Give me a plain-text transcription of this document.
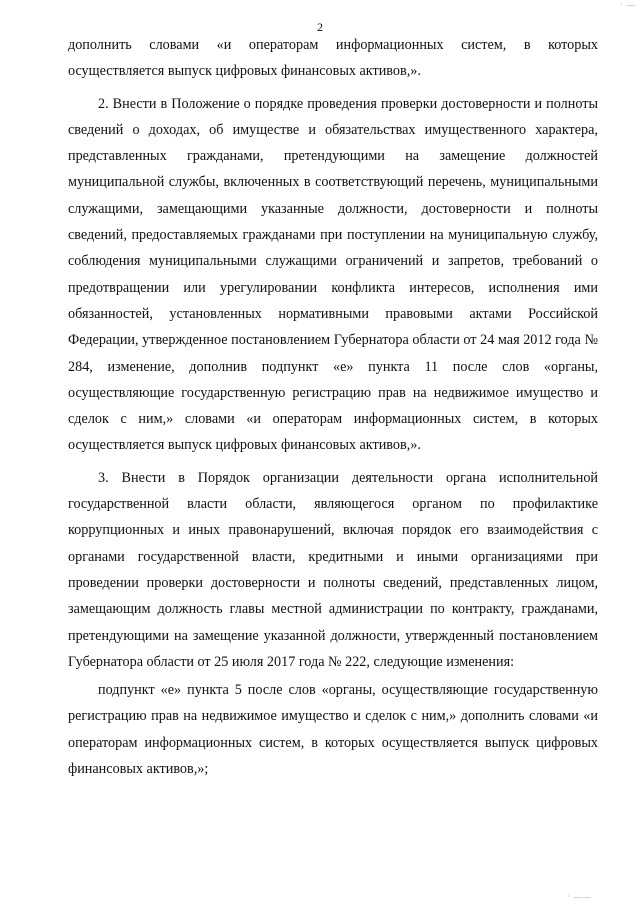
· —
2

дополнить словами «и операторам информационных систем, в которых осуществляется выпуск цифровых финансовых активов,».

2. Внести в Положение о порядке проведения проверки достоверности и полноты сведений о доходах, об имуществе и обязательствах имущественного характера, представленных гражданами, претендующими на замещение должностей муниципальной службы, включенных в соответствующий перечень, муниципальными служащими, замещающими указанные должности, достоверности и полноты сведений, предоставляемых гражданами при поступлении на муниципальную службу, соблюдения муниципальными служащими ограничений и запретов, требований о предотвращении или урегулировании конфликта интересов, исполнения ими обязанностей, установленных нормативными правовыми актами Российской Федерации, утвержденное постановлением Губернатора области от 24 мая 2012 года № 284, изменение, дополнив подпункт «е» пункта 11 после слов «органы, осуществляющие государственную регистрацию прав на недвижимое имущество и сделок с ним,» словами «и операторам информационных систем, в которых осуществляется выпуск цифровых финансовых активов,».

3. Внести в Порядок организации деятельности органа исполнительной государственной власти области, являющегося органом по профилактике коррупционных и иных правонарушений, включая порядок его взаимодействия с органами государственной власти, кредитными и иными организациями при проведении проверки достоверности и полноты сведений, представленных лицом, замещающим должность главы местной администрации по контракту, гражданами, претендующими на замещение указанной должности, утвержденный постановлением Губернатора области от 25 июля 2017 года № 222, следующие изменения:

подпункт «е» пункта 5 после слов «органы, осуществляющие государственную регистрацию прав на недвижимое имущество и сделок с ним,» дополнить словами «и операторам информационных систем, в которых осуществляется выпуск цифровых финансовых активов,»;

· ——
